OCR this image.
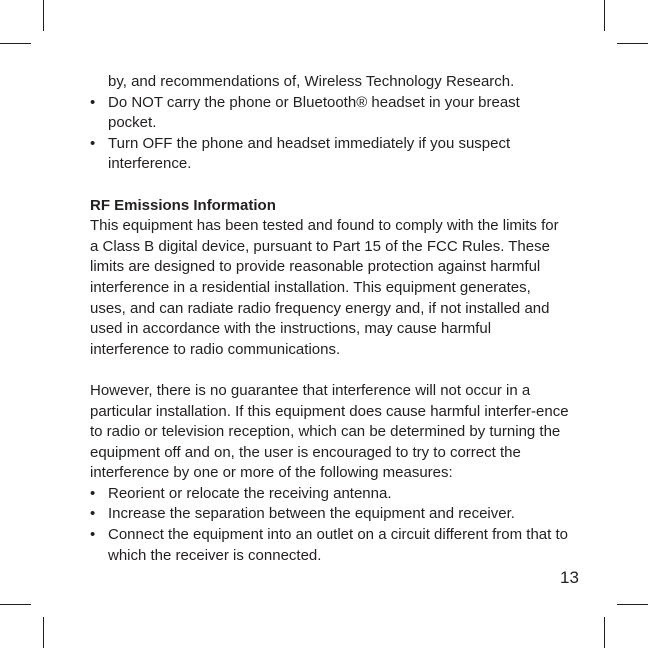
by, and recommendations of, Wireless Technology Research.

• Do NOT carry the phone or Bluetooth® headset in your breast pocket.
• Turn OFF the phone and headset immediately if you suspect interference.

RF Emissions Information

This equipment has been tested and found to comply with the limits for a Class B digital device, pursuant to Part 15 of the FCC Rules. These limits are designed to provide reasonable protection against harmful interference in a residential installation. This equipment generates, uses, and can radiate radio frequency energy and, if not installed and used in accordance with the instructions, may cause harmful interference to radio communications.

However, there is no guarantee that interference will not occur in a particular installation. If this equipment does cause harmful interfer-ence to radio or television reception, which can be determined by turning the equipment off and on, the user is encouraged to try to correct the interference by one or more of the following measures:

• Reorient or relocate the receiving antenna.
• Increase the separation between the equipment and receiver.
• Connect the equipment into an outlet on a circuit different from that to which the receiver is connected.
13
